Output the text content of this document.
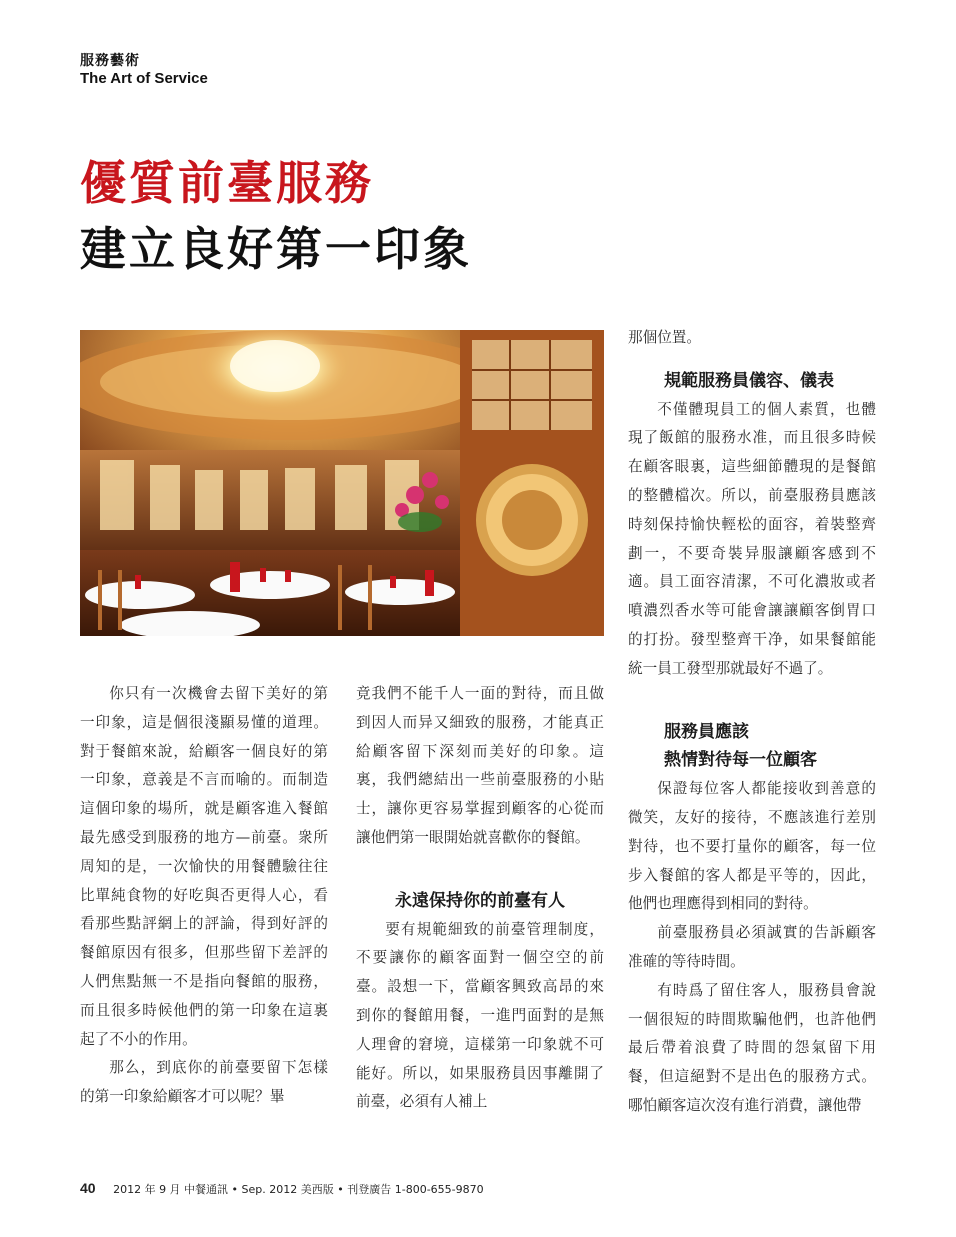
服務藝術
The Art of Service
優質前臺服務
建立良好第一印象

你只有一次機會去留下美好的第一印象，這是個很淺顯易懂的道理。對于餐館來說，給顧客一個良好的第一印象，意義是不言而喻的。而制造這個印象的場所，就是顧客進入餐館最先感受到服務的地方—前臺。衆所周知的是，一次愉快的用餐體驗往往比單純食物的好吃與否更得人心，看看那些點評網上的評論，得到好評的餐館原因有很多，但那些留下差評的人們焦點無一不是指向餐館的服務，而且很多時候他們的第一印象在這裏起了不小的作用。

那么，到底你的前臺要留下怎樣的第一印象給顧客才可以呢？畢

竟我們不能千人一面的對待，而且做到因人而异又細致的服務，才能真正給顧客留下深刻而美好的印象。這裏，我們總結出一些前臺服務的小貼士，讓你更容易掌握到顧客的心從而讓他們第一眼開始就喜歡你的餐館。

永遠保持你的前臺有人

要有規範細致的前臺管理制度，不要讓你的顧客面對一個空空的前臺。設想一下，當顧客興致高昂的來到你的餐館用餐，一進門面對的是無人理會的窘境，這樣第一印象就不可能好。所以，如果服務員因事離開了前臺，必須有人補上

那個位置。

規範服務員儀容、儀表

不僅體現員工的個人素質，也體現了飯館的服務水准，而且很多時候在顧客眼裏，這些細節體現的是餐館的整體檔次。所以，前臺服務員應該時刻保持愉快輕松的面容，着裝整齊劃一，不要奇裝异服讓顧客感到不適。員工面容清潔，不可化濃妝或者噴濃烈香水等可能會讓讓顧客倒胃口的打扮。發型整齊干净，如果餐館能統一員工發型那就最好不過了。

服務員應該
熱情對待每一位顧客

保證每位客人都能接收到善意的微笑，友好的接待，不應該進行差別對待，也不要打量你的顧客，每一位步入餐館的客人都是平等的，因此，他們也理應得到相同的對待。

前臺服務員必須誠實的告訴顧客准確的等待時間。

有時爲了留住客人，服務員會說一個很短的時間欺騙他們，也許他們最后帶着浪費了時間的怨氣留下用餐，但這絕對不是出色的服務方式。哪怕顧客這次沒有進行消費，讓他帶

40 2012 年 9 月 中餐通訊 • Sep. 2012 美西版 • 刊登廣告 1-800-655-9870
